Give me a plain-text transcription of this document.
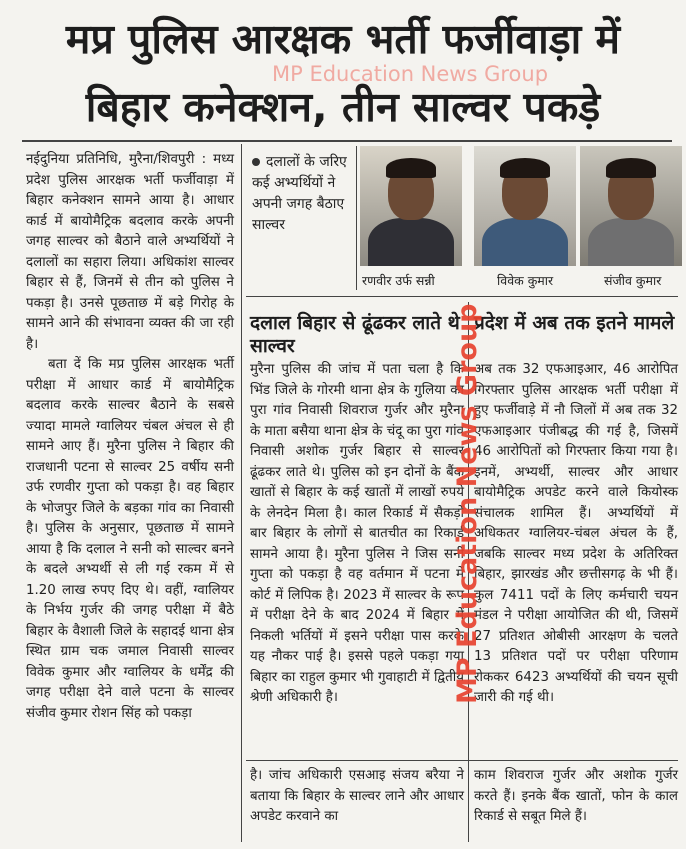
मप्र पुलिस आरक्षक भर्ती फर्जीवाड़ा में
MP Education News Group
बिहार कनेक्शन, तीन साल्वर पकड़े

नईदुनिया प्रतिनिधि, मुरैना/शिवपुरी : मध्य प्रदेश पुलिस आरक्षक भर्ती फर्जीवाड़ा में बिहार कनेक्शन सामने आया है। आधार कार्ड में बायोमैट्रिक बदलाव करके अपनी जगह साल्वर को बैठाने वाले अभ्यर्थियों ने दलालों का सहारा लिया। अधिकांश साल्वर बिहार से हैं, जिनमें से तीन को पुलिस ने पकड़ा है। उनसे पूछताछ में बड़े गिरोह के सामने आने की संभावना व्यक्त की जा रही है।

बता दें कि मप्र पुलिस आरक्षक भर्ती परीक्षा में आधार कार्ड में बायोमैट्रिक बदलाव करके साल्वर बैठाने के सबसे ज्यादा मामले ग्वालियर चंबल अंचल से ही सामने आए हैं। मुरैना पुलिस ने बिहार की राजधानी पटना से साल्वर 25 वर्षीय सनी उर्फ रणवीर गुप्ता को पकड़ा है। वह बिहार के भोजपुर जिले के बड़का गांव का निवासी है। पुलिस के अनुसार, पूछताछ में सामने आया है कि दलाल ने सनी को साल्वर बनने के बदले अभ्यर्थी से ली गई रकम में से 1.20 लाख रुपए दिए थे। वहीं, ग्वालियर के निर्भय गुर्जर की जगह परीक्षा में बैठे बिहार के वैशाली जिले के सहादई थाना क्षेत्र स्थित ग्राम चक जमाल निवासी साल्वर विवेक कुमार और ग्वालियर के धर्मेंद्र की जगह परीक्षा देने वाले पटना के साल्वर संजीव कुमार रोशन सिंह को पकड़ा

दलालों के जरिए कई अभ्यर्थियों ने अपनी जगह बैठाए साल्वर
रणवीर उर्फ सन्नी	विवेक कुमार	संजीव कुमार
दलाल बिहार से ढूंढकर लाते थे साल्वर

मुरैना पुलिस की जांच में पता चला है कि भिंड जिले के गोरमी थाना क्षेत्र के गुलिया का पुरा गांव निवासी शिवराज गुर्जर और मुरैना के माता बसैया थाना क्षेत्र के चंदू का पुरा गांव निवासी अशोक गुर्जर बिहार से साल्वर ढूंढकर लाते थे। पुलिस को इन दोनों के बैंक खातों से बिहार के कई खातों में लाखों रुपये के लेनदेन मिला है। काल रिकार्ड में सैकड़ों बार बिहार के लोगों से बातचीत का रिकार्ड सामने आया है। मुरैना पुलिस ने जिस सनी गुप्ता को पकड़ा है वह वर्तमान में पटना में कोर्ट में लिपिक है। 2023 में साल्वर के रूप में परीक्षा देने के बाद 2024 में बिहार में निकली भर्तियों में इसने परीक्षा पास करके यह नौकर पाई है। इससे पहले पकड़ा गया बिहार का राहुल कुमार भी गुवाहाटी में द्वितीय श्रेणी अधिकारी है।

प्रदेश में अब तक इतने मामले

अब तक 32 एफआइआर, 46 आरोपित गिरफ्तार पुलिस आरक्षक भर्ती परीक्षा में हुए फर्जीवाड़े में नौ जिलों में अब तक 32 एफआइआर पंजीबद्ध की गई है, जिसमें 46 आरोपितों को गिरफ्तार किया गया है। इनमें, अभ्यर्थी, साल्वर और आधार बायोमैट्रिक अपडेट करने वाले कियोस्क संचालक शामिल हैं। अभ्यर्थियों में अधिकतर ग्वालियर-चंबल अंचल के हैं, जबकि साल्वर मध्य प्रदेश के अतिरिक्त बिहार, झारखंड और छत्तीसगढ़ के भी हैं। कुल 7411 पदों के लिए कर्मचारी चयन मंडल ने परीक्षा आयोजित की थी, जिसमें 27 प्रतिशत ओबीसी आरक्षण के चलते 13 प्रतिशत पदों पर परीक्षा परिणाम रोककर 6423 अभ्यर्थियों की चयन सूची जारी की गई थी।

है। जांच अधिकारी एसआइ संजय बरैया ने बताया कि बिहार के साल्वर लाने और आधार अपडेट करवाने का
काम शिवराज गुर्जर और अशोक गुर्जर करते हैं। इनके बैंक खातों, फोन के काल रिकार्ड से सबूत मिले हैं।
MP Education News Group
